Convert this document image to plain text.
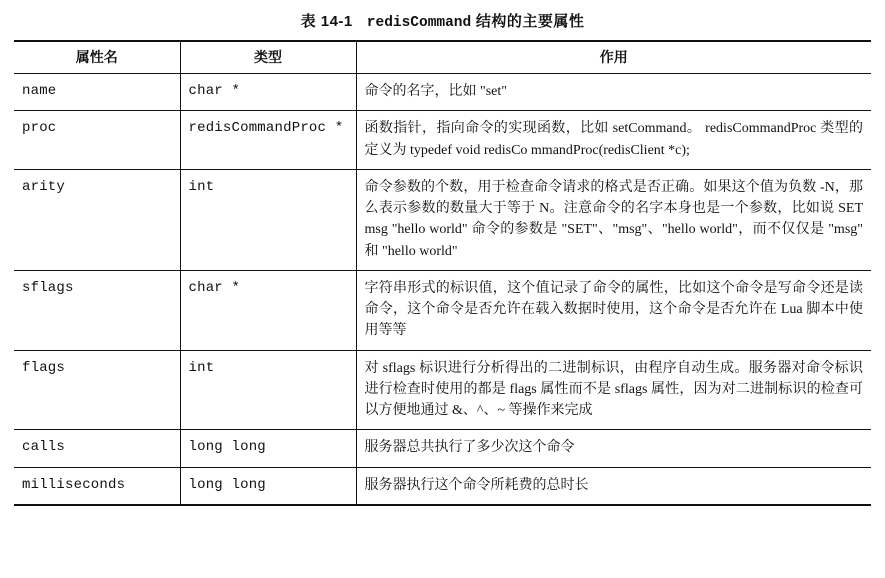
表 14-1 redisCommand 结构的主要属性
属性名	类型	作用
name	char *	命令的名字，比如 "set"
proc	redisCommandProc *	函数指针，指向命令的实现函数，比如 setCommand。 redisCommandProc 类型的定义为 typedef void redisCo mmandProc(redisClient *c);
arity	int	命令参数的个数，用于检查命令请求的格式是否正确。如果这个值为负数 -N，那么表示参数的数量大于等于 N。注意命令的名字本身也是一个参数，比如说 SET msg "hello world" 命令的参数是 "SET"、"msg"、"hello world"，而不仅仅是 "msg" 和 "hello world"
sflags	char *	字符串形式的标识值，这个值记录了命令的属性，比如这个命令是写命令还是读命令，这个命令是否允许在载入数据时使用，这个命令是否允许在 Lua 脚本中使用等等
flags	int	对 sflags 标识进行分析得出的二进制标识，由程序自动生成。服务器对命令标识进行检查时使用的都是 flags 属性而不是 sflags 属性，因为对二进制标识的检查可以方便地通过 &、^、~ 等操作来完成
calls	long long	服务器总共执行了多少次这个命令
milliseconds	long long	服务器执行这个命令所耗费的总时长
